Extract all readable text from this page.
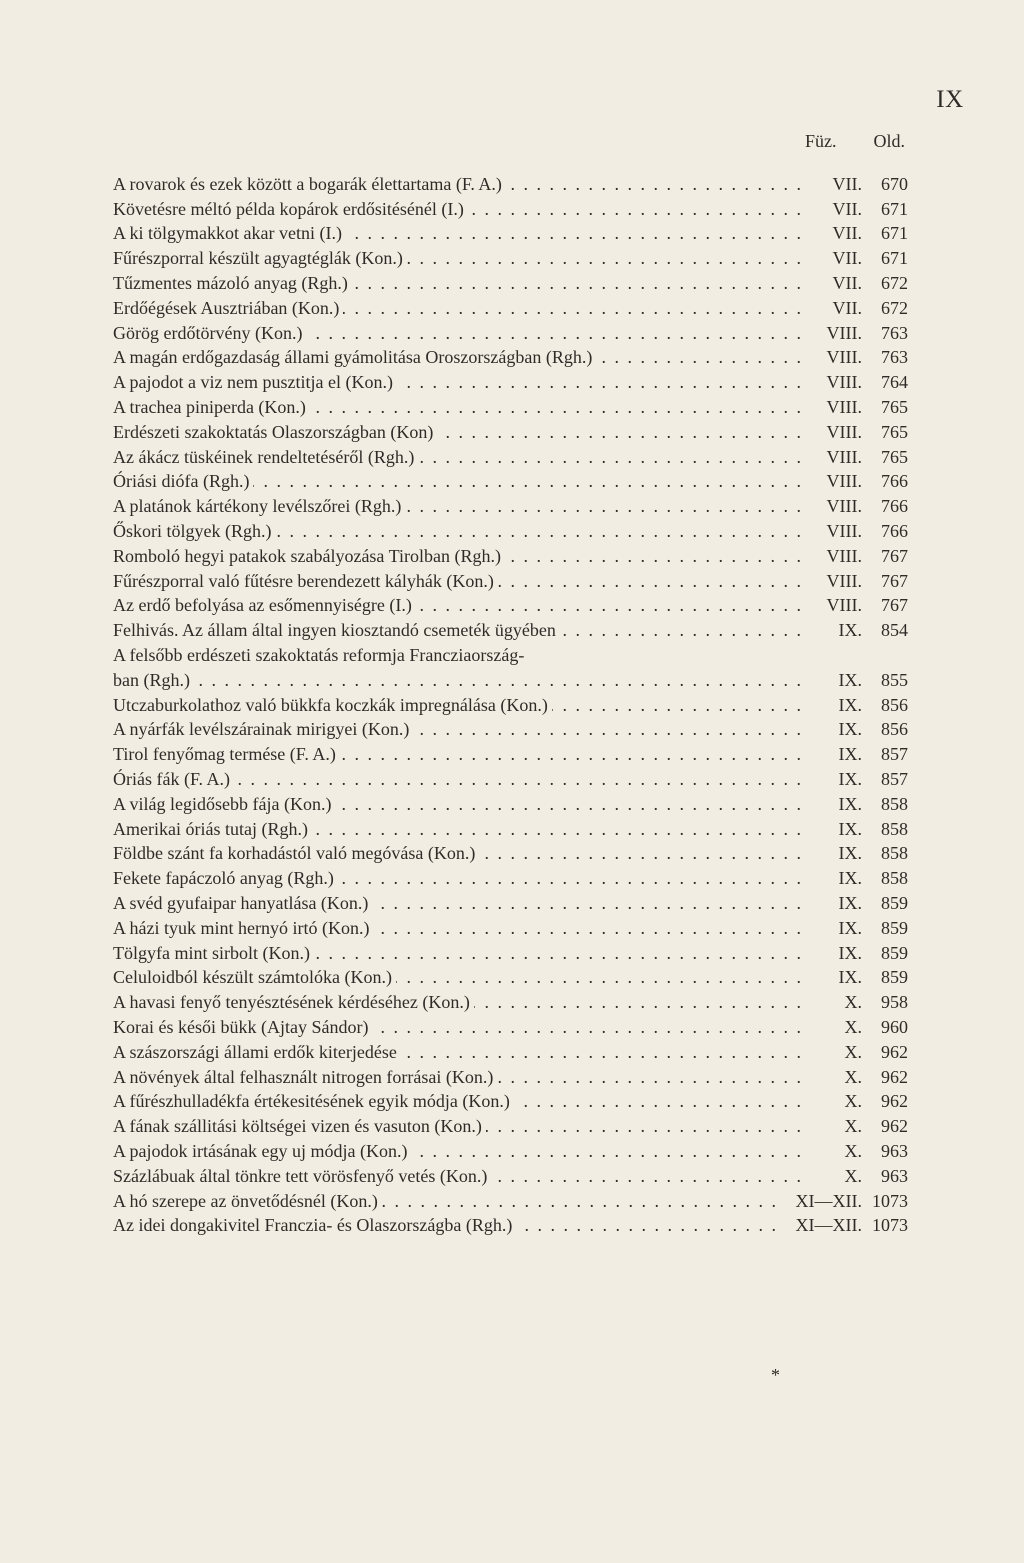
IX
Füz. Old.
A rovarok és ezek között a bogarák élettartama (F. A.) . . .	VII.	670
Követésre méltó példa kopárok erdősitésénél (I.) . . .	VII.	671
A ki tölgymakkot akar vetni (I.) . . .	VII.	671
Fűrészporral készült agyagtéglák (Kon.) . . .	VII.	671
Tűzmentes mázoló anyag (Rgh.) . . .	VII.	672
Erdőégések Ausztriában (Kon.) . . .	VII.	672
Görög erdőtörvény (Kon.) . . .	VIII.	763
A magán erdőgazdaság állami gyámolitása Oroszországban (Rgh.) . . .	VIII.	763
A pajodot a viz nem pusztitja el (Kon.) . . .	VIII.	764
A trachea piniperda (Kon.) . . .	VIII.	765
Erdészeti szakoktatás Olaszországban (Kon) . . .	VIII.	765
Az ákácz tüskéinek rendeltetéséről (Rgh.) . . .	VIII.	765
Óriási diófa (Rgh.) . . .	VIII.	766
A platánok kártékony levélszőrei (Rgh.) . . .	VIII.	766
Őskori tölgyek (Rgh.) . . .	VIII.	766
Romboló hegyi patakok szabályozása Tirolban (Rgh.) . . .	VIII.	767
Fűrészporral való fűtésre berendezett kályhák (Kon.) . . .	VIII.	767
Az erdő befolyása az esőmennyiségre (I.) . . .	VIII.	767
Felhivás. Az állam által ingyen kiosztandó csemeték ügyében . . .	IX.	854
A felsőbb erdészeti szakoktatás reformja Francziaország-
ban (Rgh.) . . .	IX.	855
Utczaburkolathoz való bükkfa koczkák impregnálása (Kon.) . . .	IX.	856
A nyárfák levélszárainak mirigyei (Kon.) . . .	IX.	856
Tirol fenyőmag termése (F. A.) . . .	IX.	857
Óriás fák (F. A.) . . .	IX.	857
A világ legidősebb fája (Kon.) . . .	IX.	858
Amerikai óriás tutaj (Rgh.) . . .	IX.	858
Földbe szánt fa korhadástól való megóvása (Kon.) . . .	IX.	858
Fekete fapáczoló anyag (Rgh.) . . .	IX.	858
A svéd gyufaipar hanyatlása (Kon.) . . .	IX.	859
A házi tyuk mint hernyó irtó (Kon.) . . .	IX.	859
Tölgyfa mint sirbolt (Kon.) . . .	IX.	859
Celuloidból készült számtolóka (Kon.) . . .	IX.	859
A havasi fenyő tenyésztésének kérdéséhez (Kon.) . . .	X.	958
Korai és késői bükk (Ajtay Sándor) . . .	X.	960
A szászországi állami erdők kiterjedése . . .	X.	962
A növények által felhasznált nitrogen forrásai (Kon.) . . .	X.	962
A fűrészhulladékfa értékesitésének egyik módja (Kon.) . . .	X.	962
A fának szállitási költségei vizen és vasuton (Kon.) . . .	X.	962
A pajodok irtásának egy uj módja (Kon.) . . .	X.	963
Százlábuak által tönkre tett vörösfenyő vetés (Kon.) . . .	X.	963
A hó szerepe az önvetődésnél (Kon.) . . .	XI—XII. 1073
Az idei dongakivitel Franczia- és Olaszországba (Rgh.) . . .	XI—XII. 1073
*
